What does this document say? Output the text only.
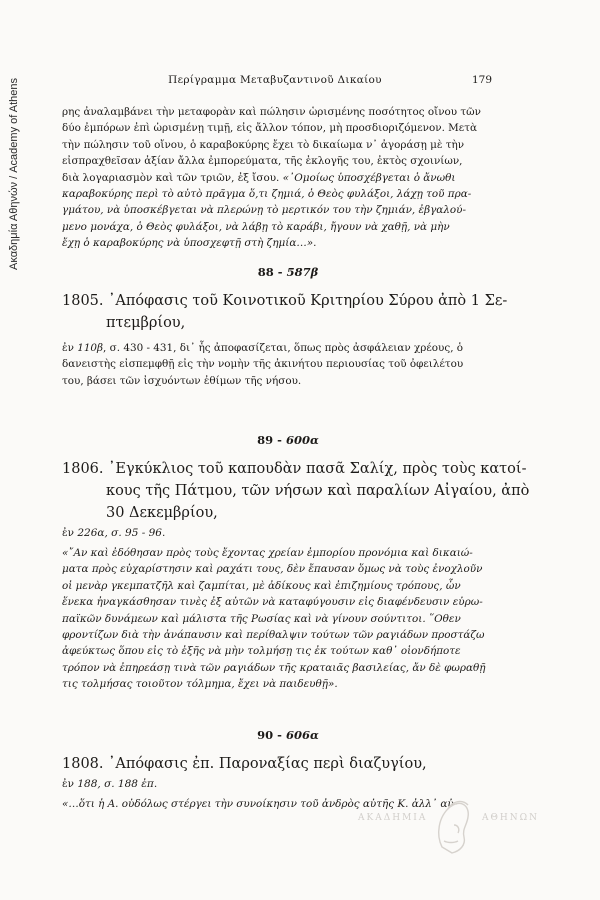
Ακαδημία Αθηνών / Academy of Athens	Περίγραμμα Μεταβυζαντινοῦ Δικαίου	179
ρης ἀναλαμβάνει τὴν μεταφορὰν καὶ πώλησιν ὡρισμένης ποσότητος οἴνου τῶν
δύο ἐμπόρων ἐπὶ ὡρισμένῃ τιμῇ, εἰς ἄλλον τόπον, μὴ προσδιοριζόμενον. Μετὰ
τὴν πώλησιν τοῦ οἴνου, ὁ καραβοκύρης ἔχει τὸ δικαίωμα ν᾽ ἀγοράσῃ μὲ τὴν
εἰσπραχθεῖσαν ἀξίαν ἄλλα ἐμπορεύματα, τῆς ἐκλογῆς του, ἐκτὸς σχοινίων,
διὰ λογαριασμὸν καὶ τῶν τριῶν, ἐξ ἴσου. «᾽Ομοίως ὑποσχέβγεται ὁ ἄνωθι
καραβοκύρης περὶ τὸ αὐτὸ πρᾶγμα ὅ,τι ζημιά, ὁ Θεὸς φυλάξοι, λάχῃ τοῦ πρα-
γμάτου, νὰ ὑποσκέβγεται νὰ πλερώνῃ τὸ μερτικόν του τὴν ζημιάν, ἐβγαλού-
μενο μονάχα, ὁ Θεὸς φυλάξοι, νὰ λάβῃ τὸ καράβι, ἤγουν νὰ χαθῇ, νὰ μὴν
ἔχῃ ὁ καραβοκύρης νὰ ὑποσχεφτῇ στὴ ζημία…».
88 - 587β
1805. ᾽Απόφασις τοῦ Κοινοτικοῦ Κριτηρίου Σύρου ἀπὸ 1 Σε-
πτεμβρίου,
ἐν 110β, σ. 430 - 431, δι᾽ ἧς ἀποφασίζεται, ὅπως πρὸς ἀσφάλειαν χρέους, ὁ
δανειστὴς εἰσπεμφθῇ εἰς τὴν νομὴν τῆς ἀκινήτου περιουσίας τοῦ ὀφειλέτου
του, βάσει τῶν ἰσχυόντων ἐθίμων τῆς νήσου.
89 - 600α
1806. ᾽Εγκύκλιος τοῦ καπουδὰν πασᾶ Σαλίχ, πρὸς τοὺς κατοί-
κους τῆς Πάτμου, τῶν νήσων καὶ παραλίων Αἰγαίου, ἀπὸ
30 Δεκεμβρίου,
ἐν 226α, σ. 95 - 96.
«῎Αν καὶ ἐδόθησαν πρὸς τοὺς ἔχοντας χρείαν ἐμπορίου προνόμια καὶ δικαιώ-
ματα πρὸς εὐχαρίστησιν καὶ ραχάτι τους, δὲν ἔπαυσαν ὅμως νὰ τοὺς ἐνοχλοῦν
οἱ μενὰρ γκεμπατζῆλ καὶ ζαμπίται, μὲ ἀδίκους καὶ ἐπιζημίους τρόπους, ὧν
ἕνεκα ἠναγκάσθησαν τινὲς ἐξ αὐτῶν νὰ καταφύγουσιν εἰς διαφένδευσιν εὐρω-
παϊκῶν δυνάμεων καὶ μάλιστα τῆς Ρωσίας καὶ νὰ γίνουν σούντιτοι. ῞Οθεν
φροντίζων διὰ τὴν ἀνάπαυσιν καὶ περίθαλψιν τούτων τῶν ραγιάδων προστάζω
ἀφεύκτως ὅπου εἰς τὸ ἑξῆς νὰ μὴν τολμήσῃ τις ἐκ τούτων καθ᾽ οἱονδήποτε
τρόπον νὰ ἐπηρεάσῃ τινὰ τῶν ραγιάδων τῆς κραταιᾶς βασιλείας, ἄν δὲ φωραθῇ
τις τολμήσας τοιοῦτον τόλμημα, ἔχει νὰ παιδευθῇ».
90 - 606α
1808. ᾽Απόφασις ἐπ. Παροναξίας περὶ διαζυγίου,
ἐν 188, σ. 188 ἐπ.
«…ὅτι ἡ Α. οὐδόλως στέργει τὴν συνοίκησιν τοῦ ἀνδρὸς αὐτῆς Κ. ἀλλ᾽ αὐ-
ΑΚΑΔΗΜΙΑ	ΑΘΗΝΩΝ
